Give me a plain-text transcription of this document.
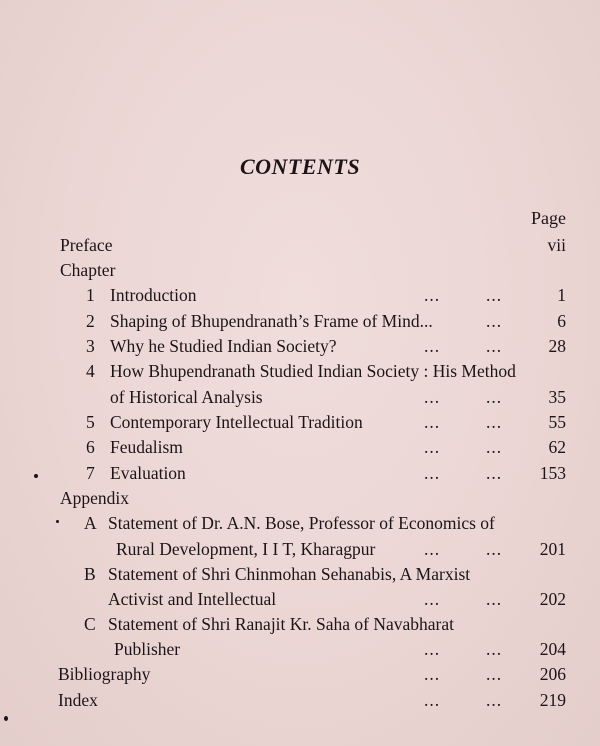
CONTENTS
Page
Preface	vii
Chapter
1 Introduction	...	...	1
2 Shaping of Bhupendranath’s Frame of Mind...	...	6
3 Why he Studied Indian Society?	...	...	28
4 How Bhupendranath Studied Indian Society : His Method
of Historical Analysis	...	...	35
5 Contemporary Intellectual Tradition	...	...	55
6 Feudalism	...	...	62
7 Evaluation	...	... 153
Appendix
A Statement of Dr. A.N. Bose, Professor of Economics of
Rural Development, I I T, Kharagpur	...	... 201
B Statement of Shri Chinmohan Sehanabis, A Marxist
Activist and Intellectual	...	... 202
C Statement of Shri Ranajit Kr. Saha of Navabharat
Publisher	...	... 204
Bibliography	...	... 206
Index	...	... 219
